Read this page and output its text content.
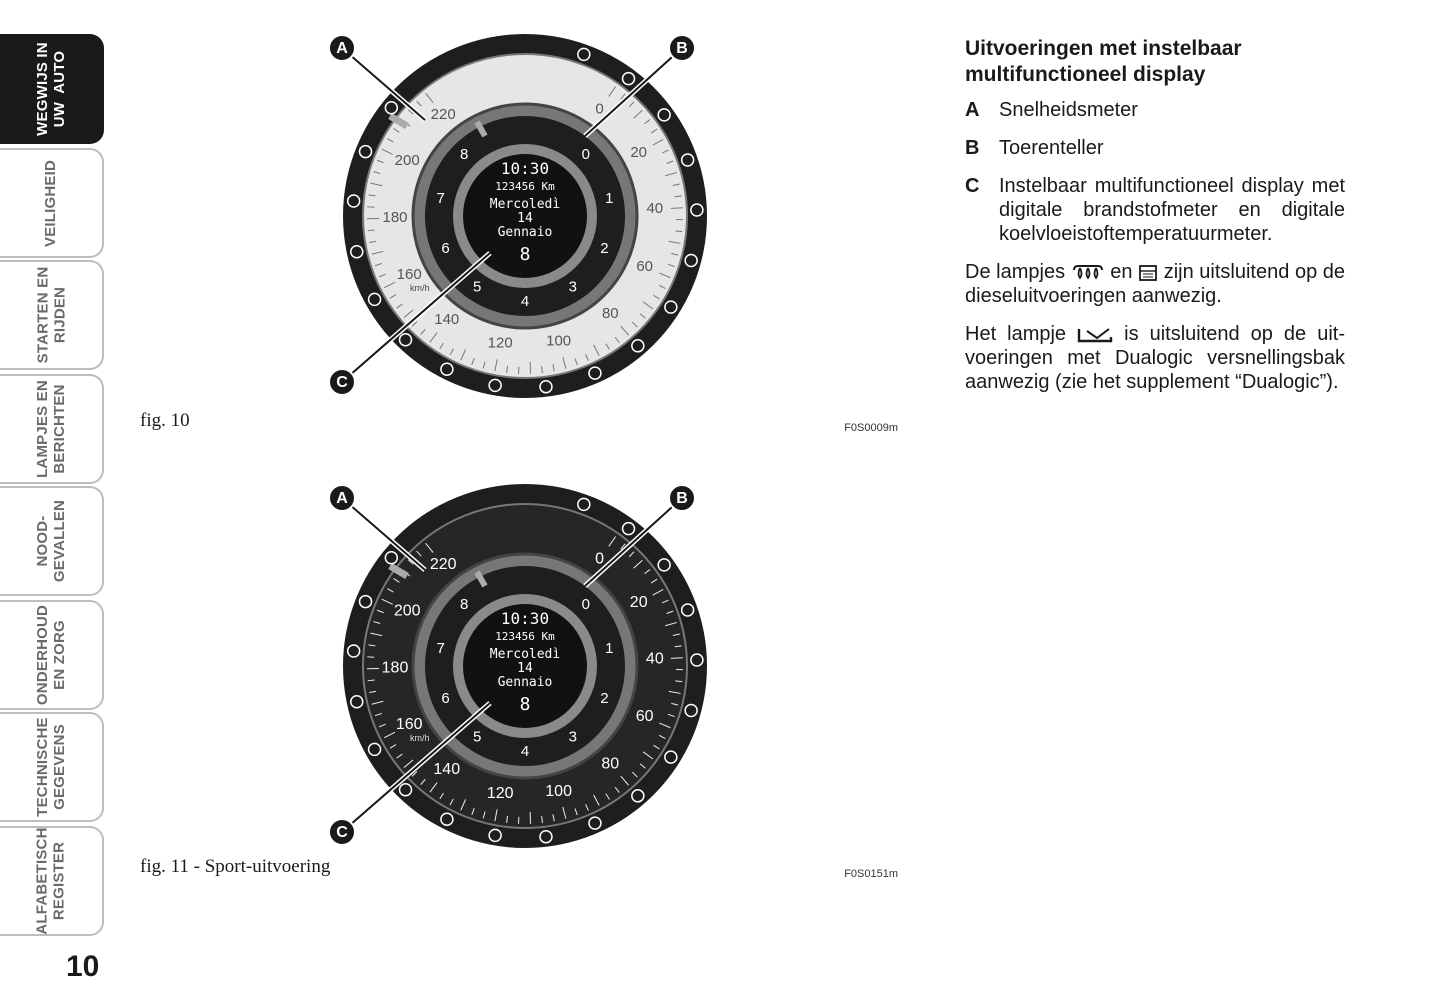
WEGWIJS IN
UW  AUTO
VEILIGHEID
STARTEN EN
RIJDEN
LAMPJES EN
BERICHTEN
NOOD-
GEVALLEN
ONDERHOUD
EN ZORG
TECHNISCHE
GEGEVENS
ALFABETISCH
REGISTER
10
0
20
40
60
80
100
120
140
160
180
200
220
0
1
2
3
4
5
6
7
8
10:30
123456 Km
Mercoledì
14
Gennaio
8
km/h
A	B
C
fig. 10	F0S0009m
0
20
40
60
80
100
120
140
160
180
200
220
0
1
2
3
4
5
6
7
8
10:30
123456 Km
Mercoledì
14
Gennaio
8
km/h
A	B
C
fig. 11 - Sport-uitvoering	F0S0151m
Uitvoeringen met instelbaar multifunctioneel display
A Snelheidsmeter
B Toerenteller
C Instelbaar multifunctioneel display met digitale brandstofmeter en digitale koelvloeistoftemperatuurmeter.

De lampjes en zijn uitsluitend op de dieseluitvoeringen aanwezig.

Het lampje	is uitsluitend op de uitvoeringen met Dualogic versnellingsbak aanwezig (zie het supplement “Dualogic”).
